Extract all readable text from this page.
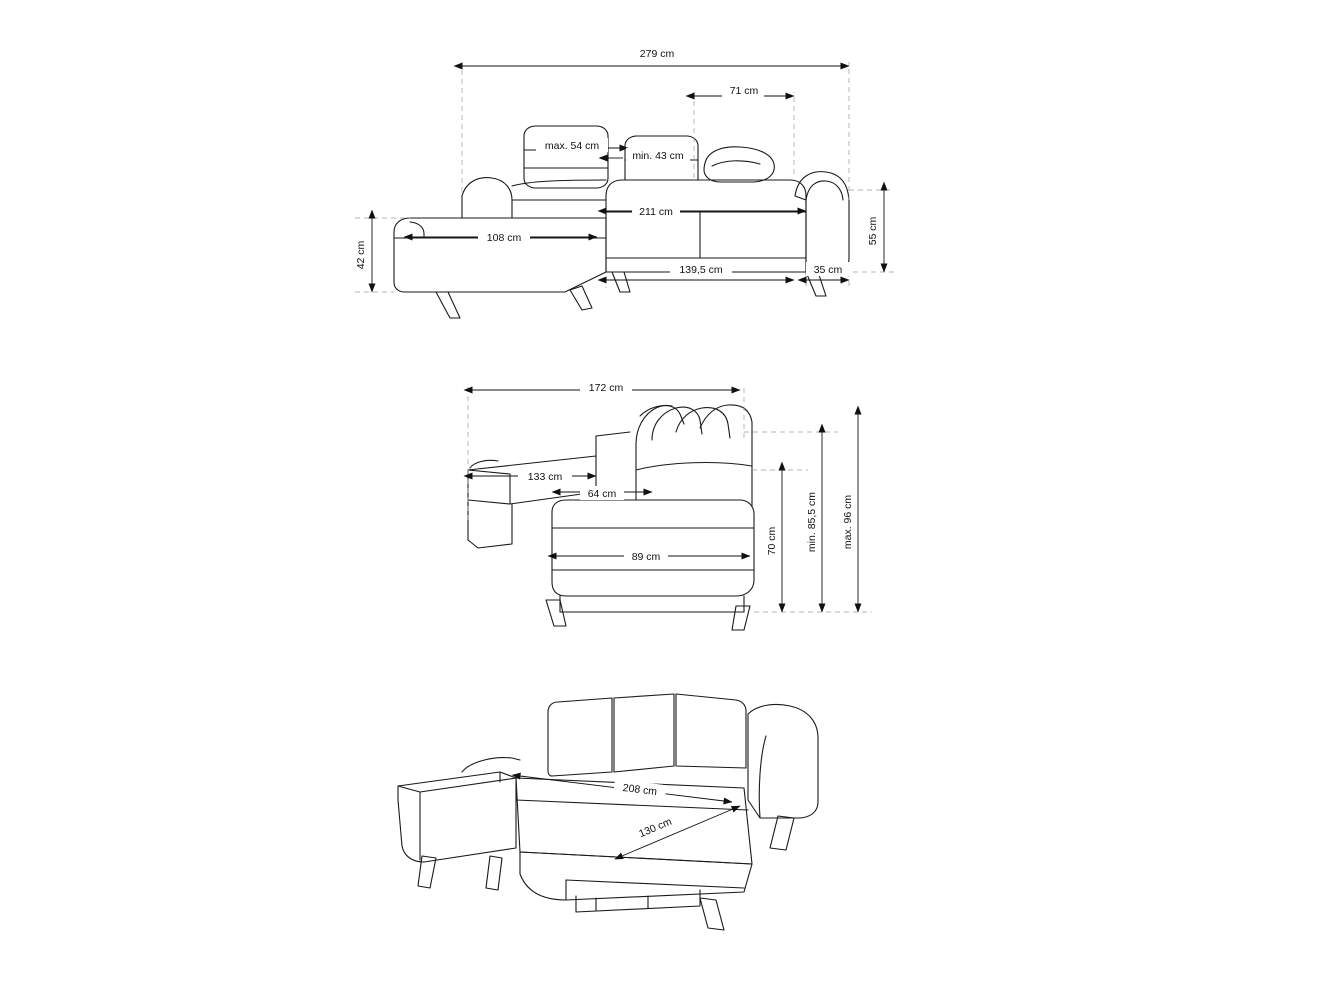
279 cm
71 cm
max. 54 cm
min. 43 cm
211 cm
108 cm
42 cm
139,5 cm	35 cm
55 cm
172 cm
133 cm
64 cm
89 cm
70 cm	min. 85,5 cm max. 96 cm
208 cm
130 cm
